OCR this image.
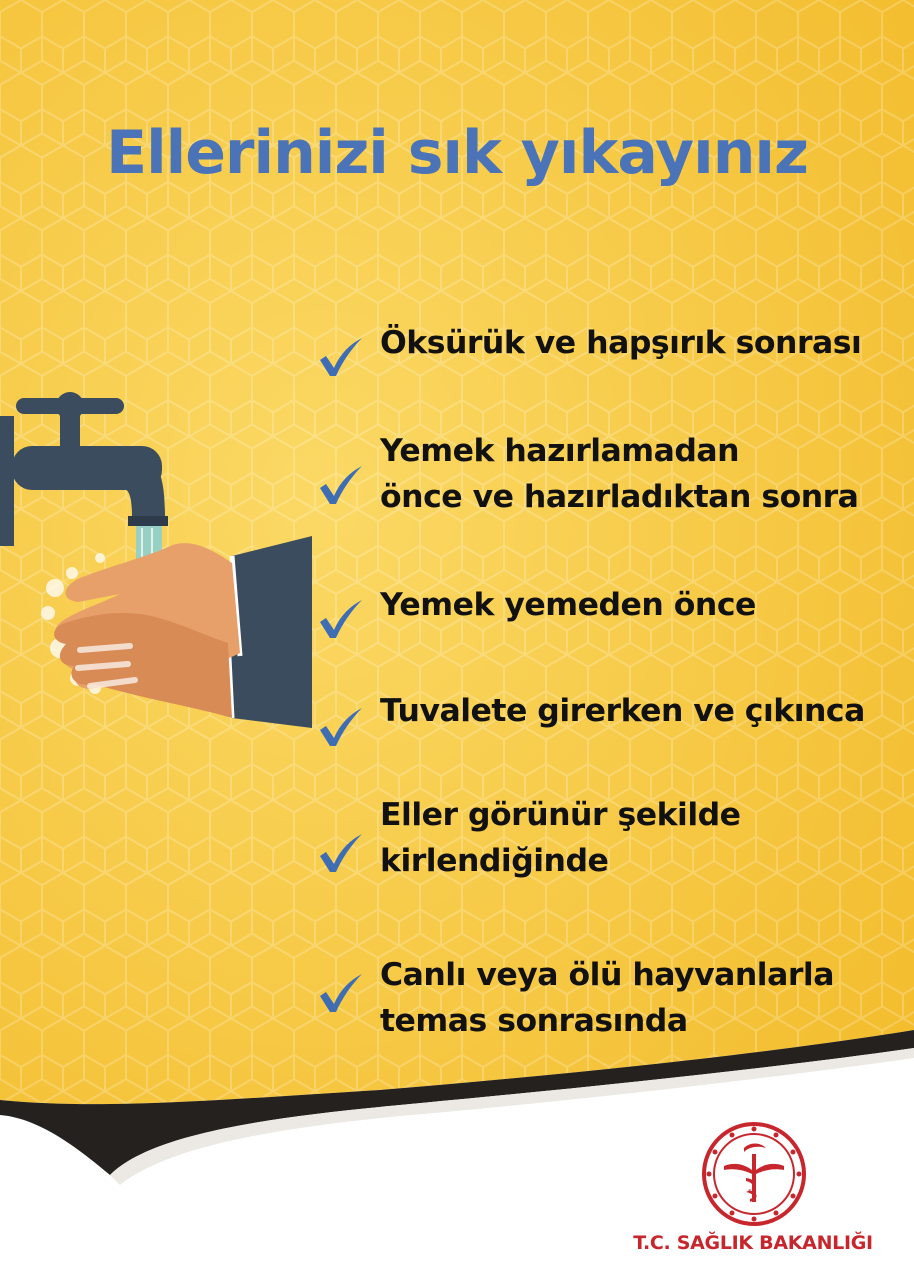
Ellerinizi sık yıkayınız
Öksürük ve hapşırık sonrası
Yemek hazırlamadan
önce ve hazırladıktan sonra
Yemek yemeden önce
Tuvalete girerken ve çıkınca
Eller görünür şekilde
kirlendiğinde
Canlı veya ölü hayvanlarla
temas sonrasında
T.C. SAĞLIK BAKANLIĞI
